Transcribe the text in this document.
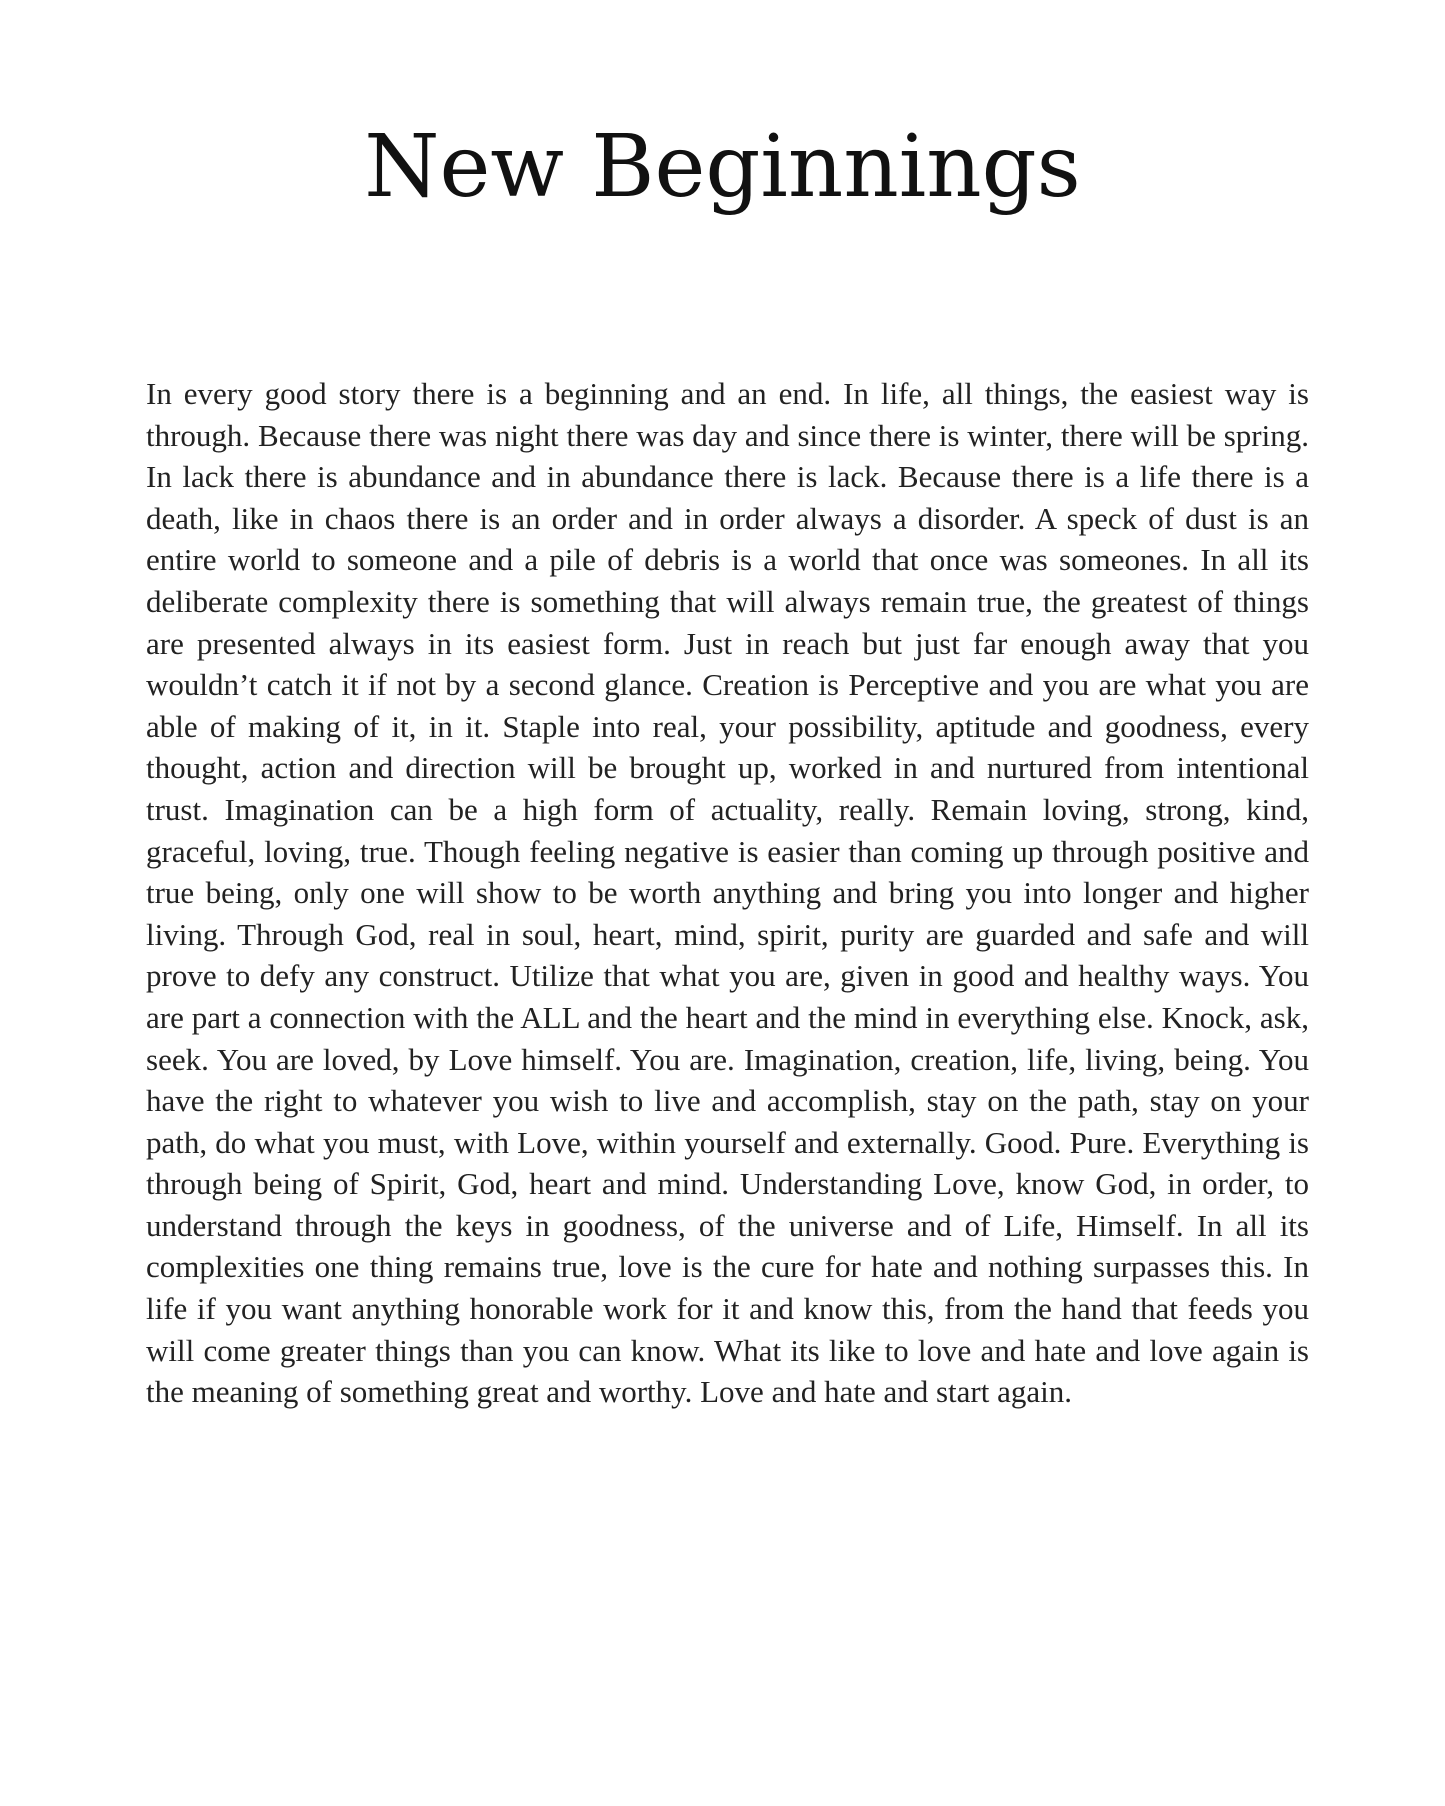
New Beginnings

In every good story there is a beginning and an end. In life, all things, the easiest way is through. Because there was night there was day and since there is winter, there will be spring. In lack there is abundance and in abundance there is lack. Because there is a life there is a death, like in chaos there is an order and in order always a disorder. A speck of dust is an entire world to someone and a pile of debris is a world that once was someones. In all its deliberate complexity there is something that will always remain true, the greatest of things are presented always in its easiest form. Just in reach but just far enough away that you wouldn’t catch it if not by a second glance. Creation is Perceptive and you are what you are able of making of it, in it. Staple into real, your possibility, aptitude and goodness, every thought, action and direction will be brought up, worked in and nurtured from intentional trust. Imagination can be a high form of actuality, really. Remain loving, strong, kind, graceful, loving, true. Though feeling negative is easier than coming up through positive and true being, only one will show to be worth anything and bring you into longer and higher living. Through God, real in soul, heart, mind, spirit, purity are guarded and safe and will prove to defy any construct. Utilize that what you are, given in good and healthy ways. You are part a connection with the ALL and the heart and the mind in everything else. Knock, ask, seek. You are loved, by Love himself. You are. Imagination, creation, life, living, being. You have the right to whatever you wish to live and accomplish, stay on the path, stay on your path, do what you must, with Love, within yourself and externally. Good. Pure. Everything is through being of Spirit, God, heart and mind. Understanding Love, know God, in order, to understand through the keys in goodness, of the universe and of Life, Himself. In all its complexities one thing remains true, love is the cure for hate and nothing surpasses this. In life if you want anything honorable work for it and know this, from the hand that feeds you will come greater things than you can know. What its like to love and hate and love again is the meaning of something great and worthy. Love and hate and start again.
